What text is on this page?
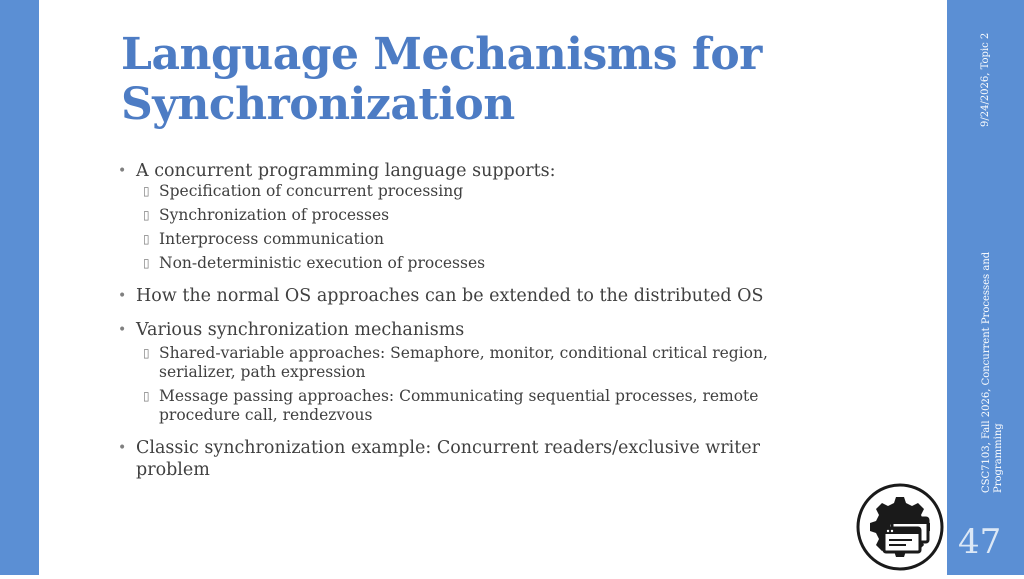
Language Mechanisms for
Synchronization
• A concurrent programming language supports:
▯ Specification of concurrent processing
▯ Synchronization of processes
▯ Interprocess communication
▯ Non-deterministic execution of processes
• How the normal OS approaches can be extended to the distributed OS
• Various synchronization mechanisms
▯ Shared-variable approaches: Semaphore, monitor, conditional critical region, serializer, path expression
▯ Message passing approaches: Communicating sequential processes, remote procedure call, rendezvous
• Classic synchronization example: Concurrent readers/exclusive writer problem
9/24/2026, Topic 2
CSC7103, Fall 2026, Concurrent Processes and Programming
47
